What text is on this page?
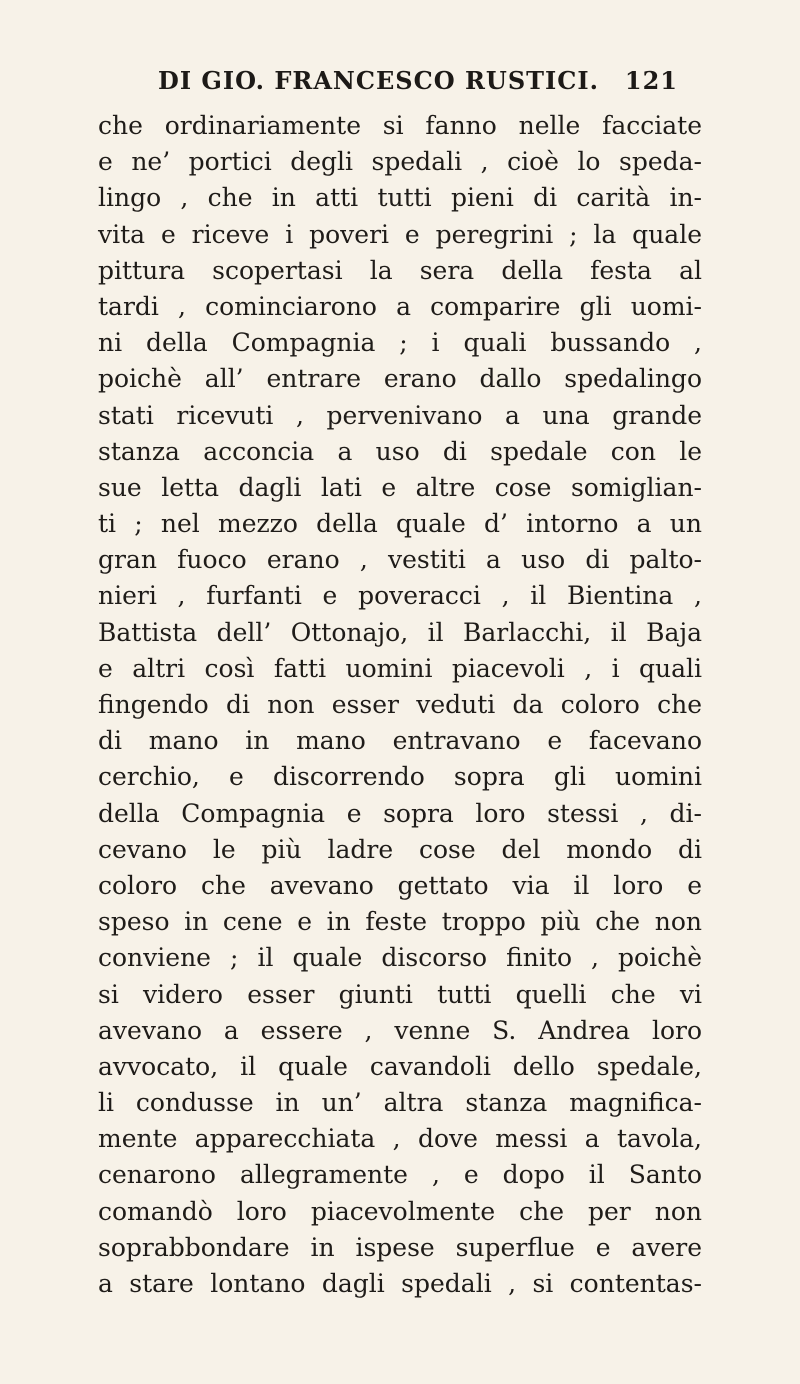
DI GIO. FRANCESCO RUSTICI. 121
che ordinariamente si fanno nelle facciate
e ne’ portici degli spedali , cioè lo speda-
lingo , che in atti tutti pieni di carità in-
vita e riceve i poveri e peregrini ; la quale
pittura scopertasi la sera della festa al
tardi , cominciarono a comparire gli uomi-
ni della Compagnia ; i quali bussando ,
poichè all’ entrare erano dallo spedalingo
stati ricevuti , pervenivano a una grande
stanza acconcia a uso di spedale con le
sue letta dagli lati e altre cose somiglian-
ti ; nel mezzo della quale d’ intorno a un
gran fuoco erano , vestiti a uso di palto-
nieri , furfanti e poveracci , il Bientina ,
Battista dell’ Ottonajo, il Barlacchi, il Baja
e altri così fatti uomini piacevoli , i quali
fingendo di non esser veduti da coloro che
di mano in mano entravano e facevano
cerchio, e discorrendo sopra gli uomini
della Compagnia e sopra loro stessi , di-
cevano le più ladre cose del mondo di
coloro che avevano gettato via il loro e
speso in cene e in feste troppo più che non
conviene ; il quale discorso finito , poichè
si videro esser giunti tutti quelli che vi
avevano a essere , venne S. Andrea loro
avvocato, il quale cavandoli dello spedale,
li condusse in un’ altra stanza magnifica-
mente apparecchiata , dove messi a tavola,
cenarono allegramente , e dopo il Santo
comandò loro piacevolmente che per non
soprabbondare in ispese superflue e avere
a stare lontano dagli spedali , si contentas-
